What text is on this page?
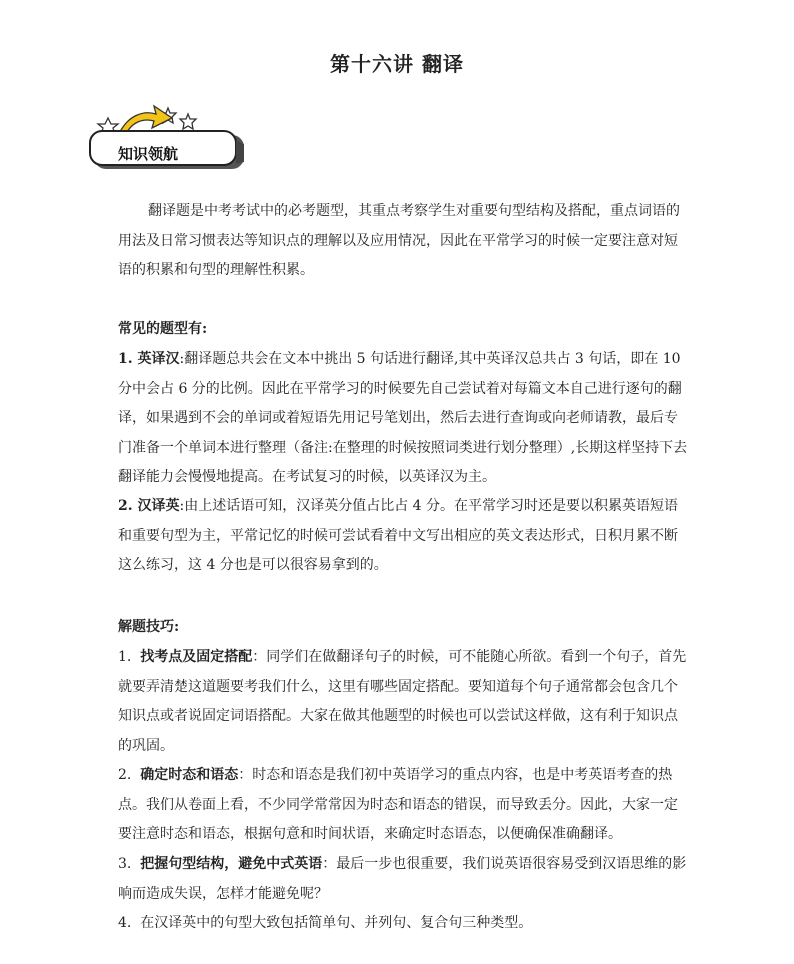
第十六讲 翻译
知识领航

翻译题是中考考试中的必考题型，其重点考察学生对重要句型结构及搭配，重点词语的用法及日常习惯表达等知识点的理解以及应用情况，因此在平常学习的时候一定要注意对短语的积累和句型的理解性积累。

常见的题型有:

1. 英译汉:翻译题总共会在文本中挑出 5 句话进行翻译,其中英译汉总共占 3 句话，即在 10 分中会占 6 分的比例。因此在平常学习的时候要先自己尝试着对每篇文本自己进行逐句的翻译，如果遇到不会的单词或着短语先用记号笔划出，然后去进行查询或向老师请教，最后专门准备一个单词本进行整理（备注:在整理的时候按照词类进行划分整理）,长期这样坚持下去翻译能力会慢慢地提高。在考试复习的时候，以英译汉为主。

2. 汉译英:由上述话语可知，汉译英分值占比占 4 分。在平常学习时还是要以积累英语短语和重要句型为主，平常记忆的时候可尝试看着中文写出相应的英文表达形式，日积月累不断这么练习，这 4 分也是可以很容易拿到的。

解题技巧:

1. 找考点及固定搭配：同学们在做翻译句子的时候，可不能随心所欲。看到一个句子，首先就要弄清楚这道题要考我们什么，这里有哪些固定搭配。要知道每个句子通常都会包含几个知识点或者说固定词语搭配。大家在做其他题型的时候也可以尝试这样做，这有利于知识点的巩固。

2. 确定时态和语态：时态和语态是我们初中英语学习的重点内容，也是中考英语考查的热点。我们从卷面上看，不少同学常常因为时态和语态的错误，而导致丢分。因此，大家一定要注意时态和语态，根据句意和时间状语，来确定时态语态，以便确保准确翻译。

3. 把握句型结构，避免中式英语：最后一步也很重要，我们说英语很容易受到汉语思维的影响而造成失误，怎样才能避免呢？

4. 在汉译英中的句型大致包括简单句、并列句、复合句三种类型。
